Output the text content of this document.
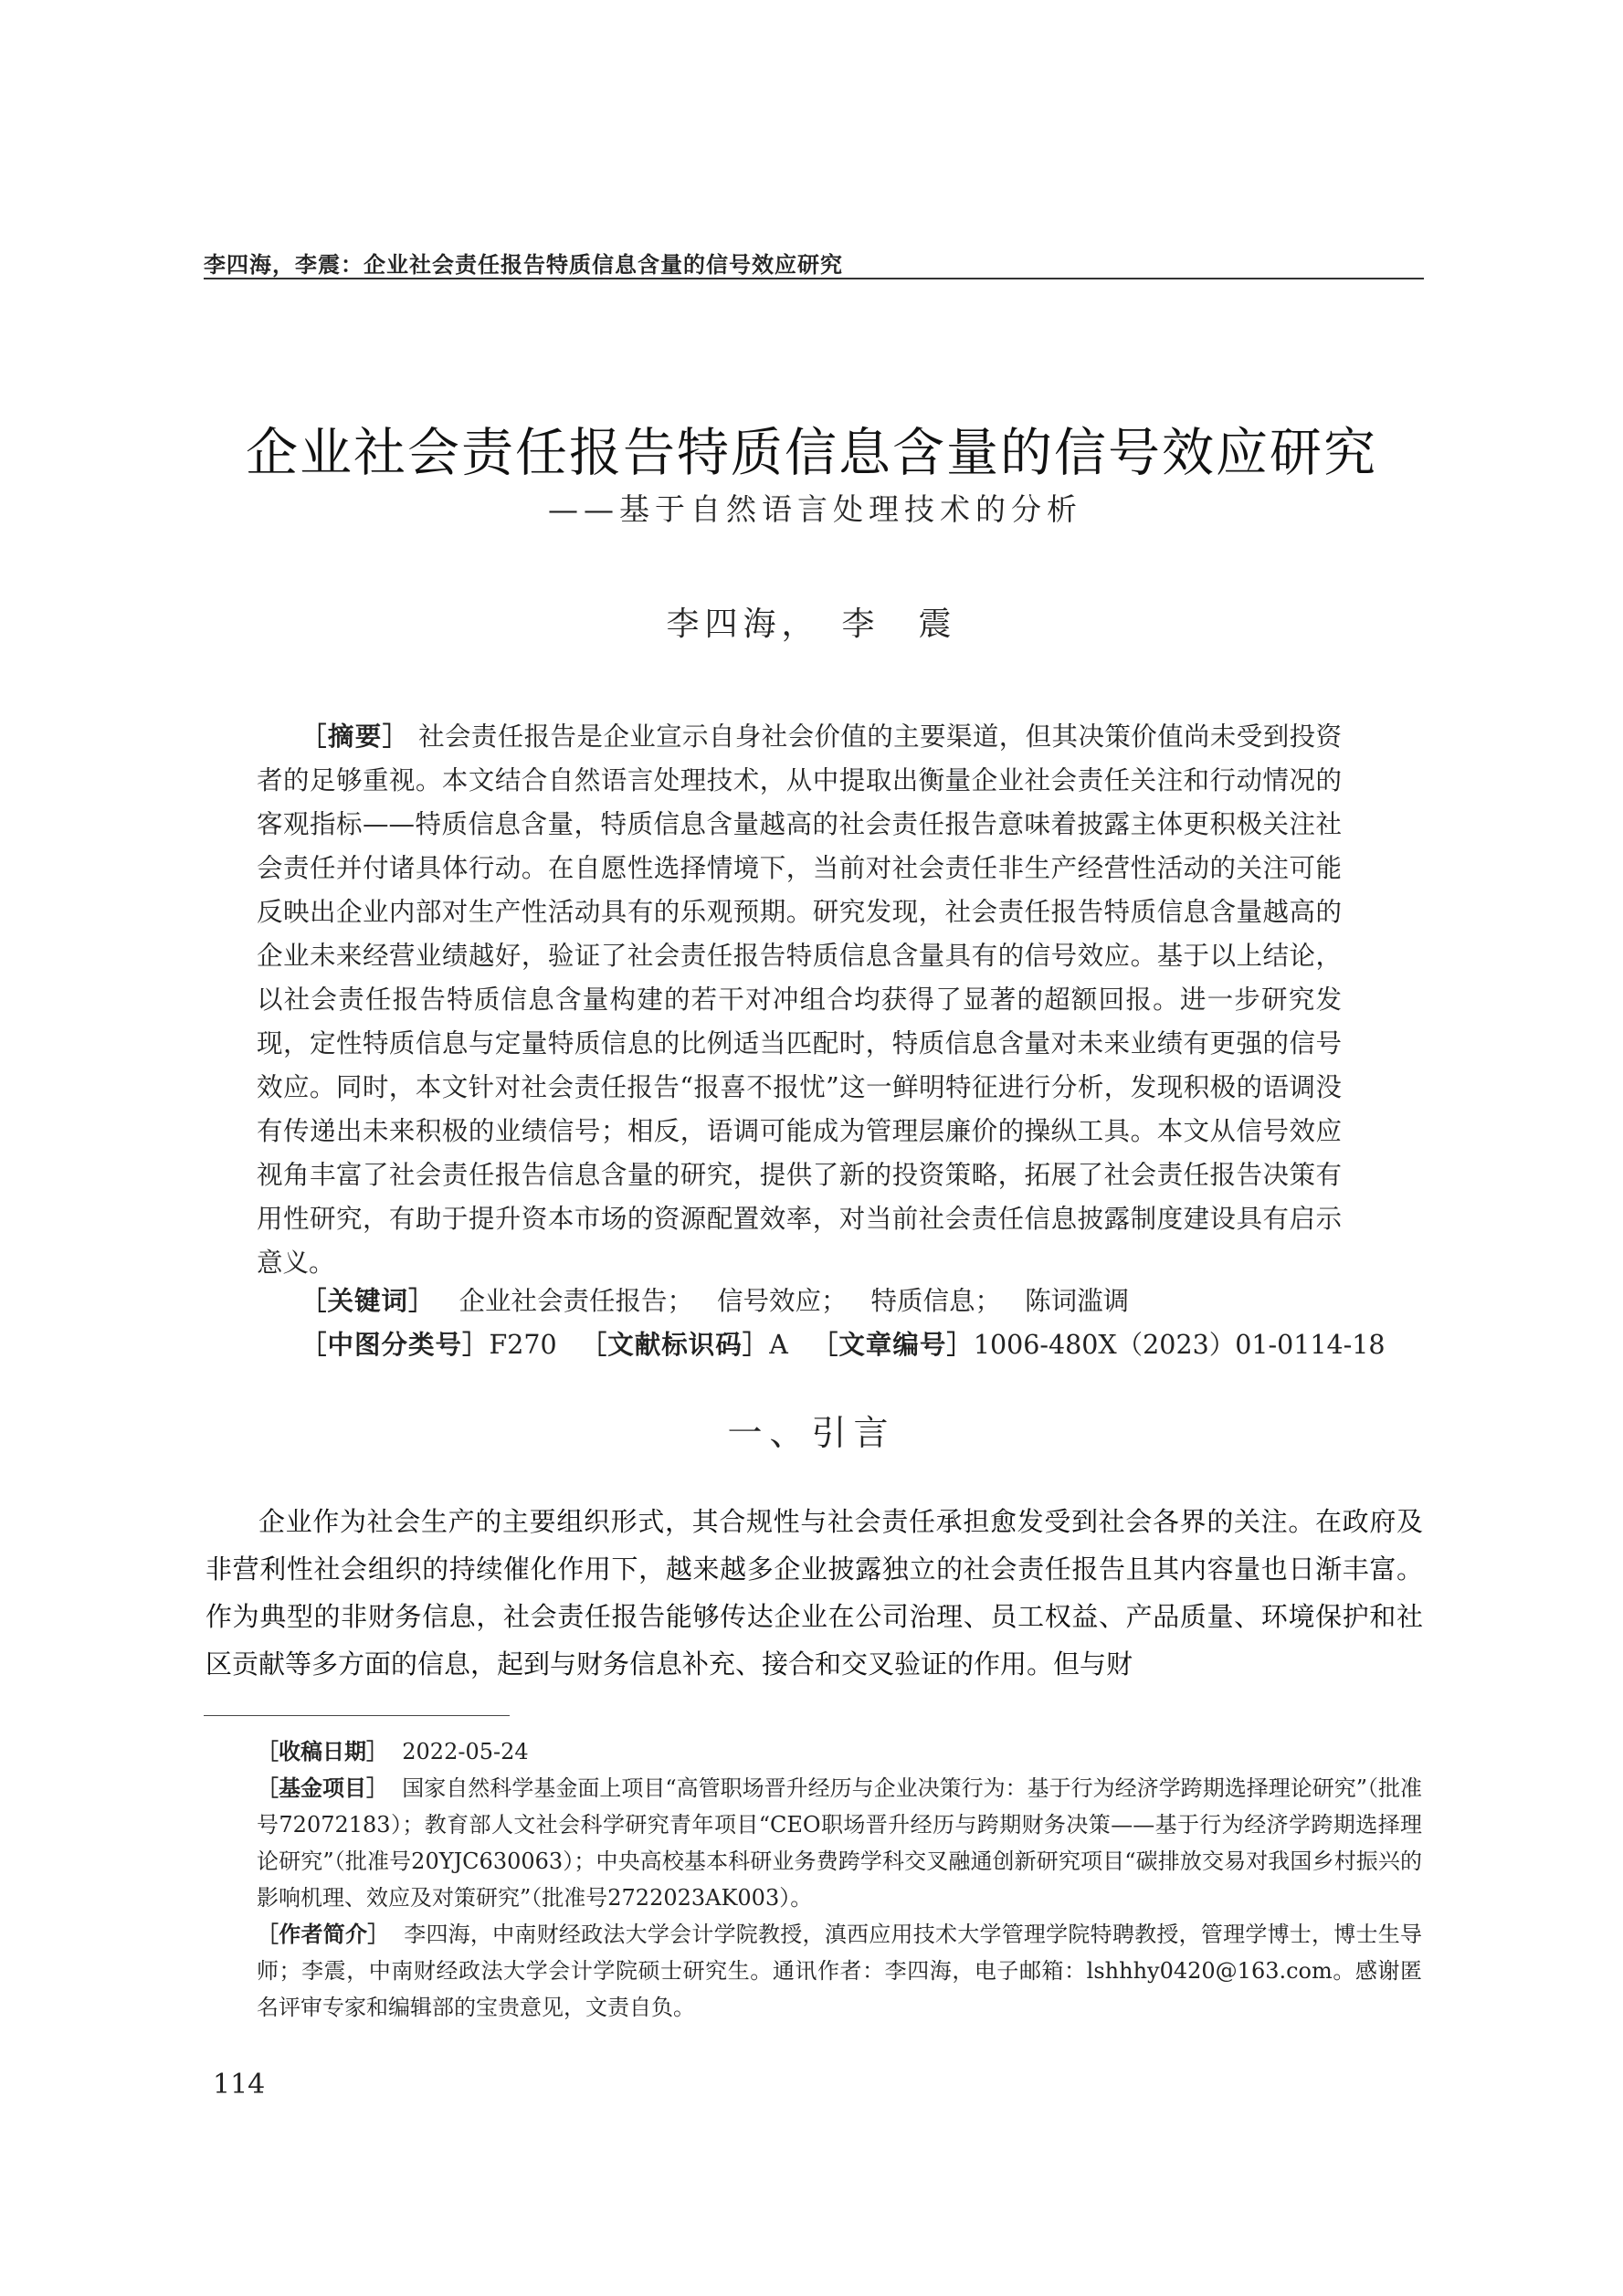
李四海，李震：企业社会责任报告特质信息含量的信号效应研究
企业社会责任报告特质信息含量的信号效应研究
——基于自然语言处理技术的分析
李四海，　李　震
［摘要］ 社会责任报告是企业宣示自身社会价值的主要渠道，但其决策价值尚未受到投资者的足够重视。本文结合自然语言处理技术，从中提取出衡量企业社会责任关注和行动情况的客观指标——特质信息含量，特质信息含量越高的社会责任报告意味着披露主体更积极关注社会责任并付诸具体行动。在自愿性选择情境下，当前对社会责任非生产经营性活动的关注可能反映出企业内部对生产性活动具有的乐观预期。研究发现，社会责任报告特质信息含量越高的企业未来经营业绩越好，验证了社会责任报告特质信息含量具有的信号效应。基于以上结论，以社会责任报告特质信息含量构建的若干对冲组合均获得了显著的超额回报。进一步研究发现，定性特质信息与定量特质信息的比例适当匹配时，特质信息含量对未来业绩有更强的信号效应。同时，本文针对社会责任报告“报喜不报忧”这一鲜明特征进行分析，发现积极的语调没有传递出未来积极的业绩信号；相反，语调可能成为管理层廉价的操纵工具。本文从信号效应视角丰富了社会责任报告信息含量的研究，提供了新的投资策略，拓展了社会责任报告决策有用性研究，有助于提升资本市场的资源配置效率，对当前社会责任信息披露制度建设具有启示意义。
［关键词］ 企业社会责任报告； 信号效应； 特质信息； 陈词滥调
［中图分类号］F270 ［文献标识码］A ［文章编号］1006-480X（2023）01-0114-18
一、引言
企业作为社会生产的主要组织形式，其合规性与社会责任承担愈发受到社会各界的关注。在政府及非营利性社会组织的持续催化作用下，越来越多企业披露独立的社会责任报告且其内容量也日渐丰富。作为典型的非财务信息，社会责任报告能够传达企业在公司治理、员工权益、产品质量、环境保护和社区贡献等多方面的信息，起到与财务信息补充、接合和交叉验证的作用。但与财
［收稿日期］ 2022-05-24
［基金项目］ 国家自然科学基金面上项目“高管职场晋升经历与企业决策行为：基于行为经济学跨期选择理论研究”（批准号72072183）；教育部人文社会科学研究青年项目“CEO职场晋升经历与跨期财务决策——基于行为经济学跨期选择理论研究”（批准号20YJC630063）；中央高校基本科研业务费跨学科交叉融通创新研究项目“碳排放交易对我国乡村振兴的影响机理、效应及对策研究”（批准号2722023AK003）。
［作者简介］ 李四海，中南财经政法大学会计学院教授，滇西应用技术大学管理学院特聘教授，管理学博士，博士生导师；李震，中南财经政法大学会计学院硕士研究生。通讯作者：李四海，电子邮箱：lshhhy0420@163.com。感谢匿名评审专家和编辑部的宝贵意见，文责自负。
114
